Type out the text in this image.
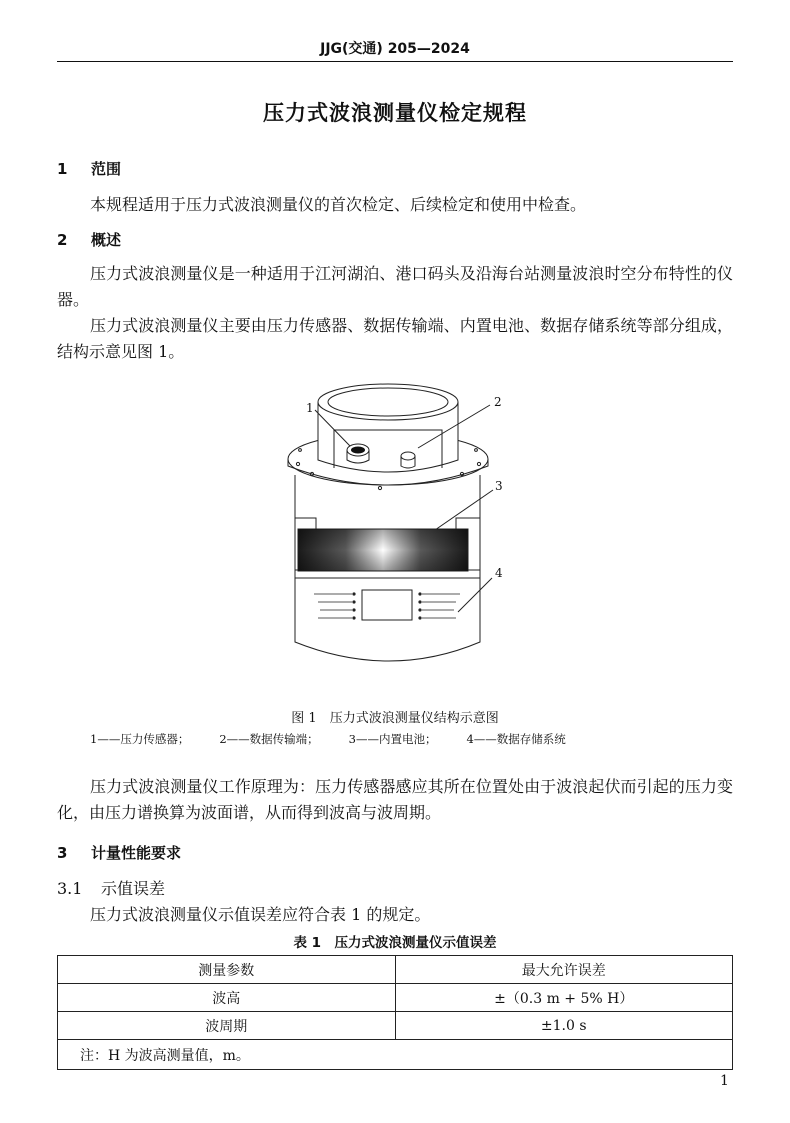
JJG(交通) 205—2024
压力式波浪测量仪检定规程
1 范围
本规程适用于压力式波浪测量仪的首次检定、后续检定和使用中检查。
2 概述
压力式波浪测量仪是一种适用于江河湖泊、港口码头及沿海台站测量波浪时空分布特性的仪器。
压力式波浪测量仪主要由压力传感器、数据传输端、内置电池、数据存储系统等部分组成，结构示意见图 1。
1	2
3
4
图 1　压力式波浪测量仪结构示意图
1——压力传感器；	2——数据传输端；	3——内置电池；	4——数据存储系统
压力式波浪测量仪工作原理为：压力传感器感应其所在位置处由于波浪起伏而引起的压力变化，由压力谱换算为波面谱，从而得到波高与波周期。
3 计量性能要求
3.1 示值误差
压力式波浪测量仪示值误差应符合表 1 的规定。
表 1　压力式波浪测量仪示值误差
测量参数	最大允许误差
波高	±（0.3 m + 5% H）
波周期	±1.0 s
注：H 为波高测量值，m。	
1
